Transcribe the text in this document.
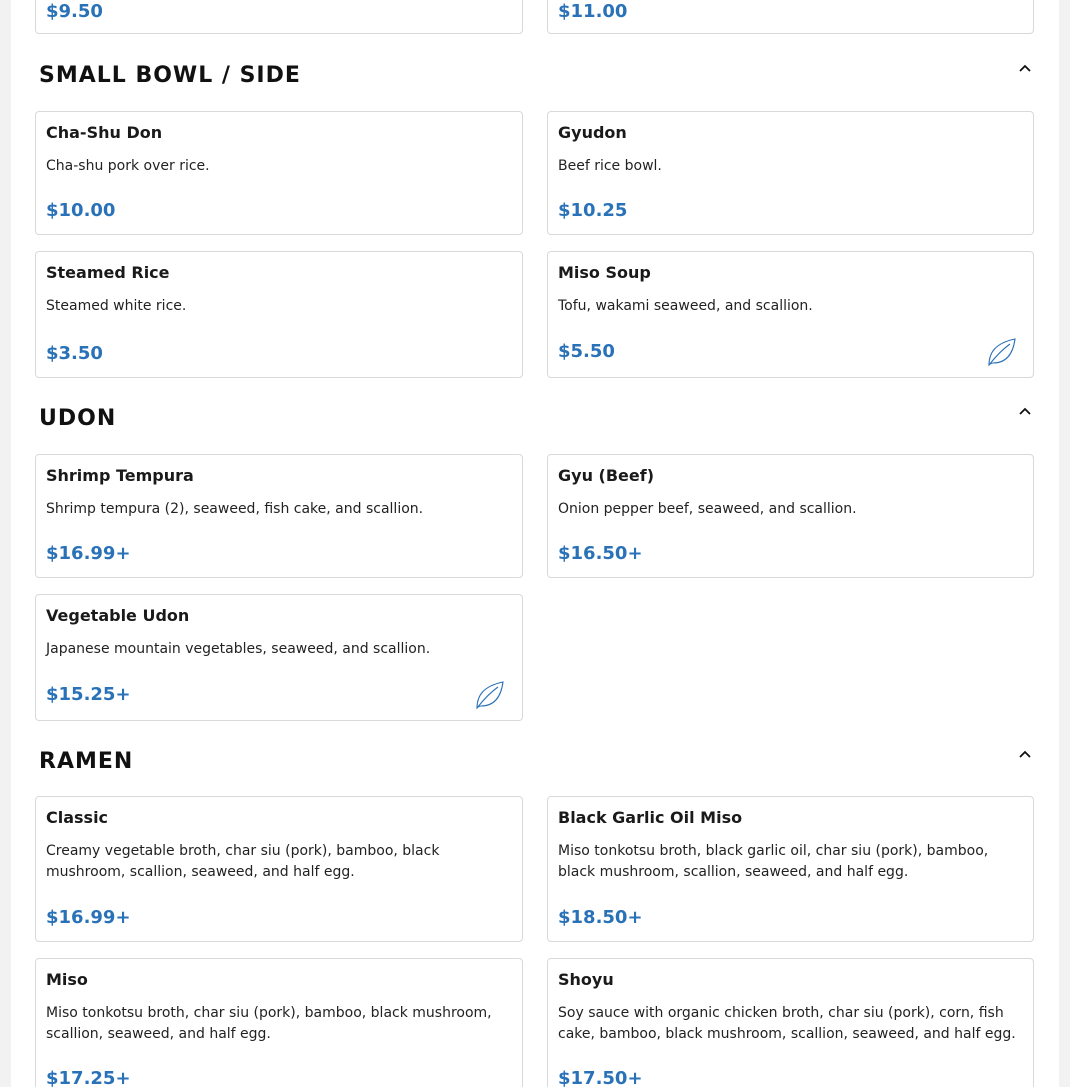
$9.50	$11.00
SMALL BOWL / SIDE
Cha-Shu Don
Cha-shu pork over rice.
$10.00
Gyudon
Beef rice bowl.
$10.25
Steamed Rice
Steamed white rice.
$3.50
Miso Soup
Tofu, wakami seaweed, and scallion.
$5.50
UDON
Shrimp Tempura
Shrimp tempura (2), seaweed, fish cake, and scallion.
$16.99+
Gyu (Beef)
Onion pepper beef, seaweed, and scallion.
$16.50+
Vegetable Udon
Japanese mountain vegetables, seaweed, and scallion.
$15.25+
RAMEN
Classic
Creamy vegetable broth, char siu (pork), bamboo, black mushroom, scallion, seaweed, and half egg.
$16.99+
Black Garlic Oil Miso
Miso tonkotsu broth, black garlic oil, char siu (pork), bamboo, black mushroom, scallion, seaweed, and half egg.
$18.50+
Miso
Miso tonkotsu broth, char siu (pork), bamboo, black mushroom, scallion, seaweed, and half egg.
$17.25+
Shoyu
Soy sauce with organic chicken broth, char siu (pork), corn, fish cake, bamboo, black mushroom, scallion, seaweed, and half egg.
$17.50+
